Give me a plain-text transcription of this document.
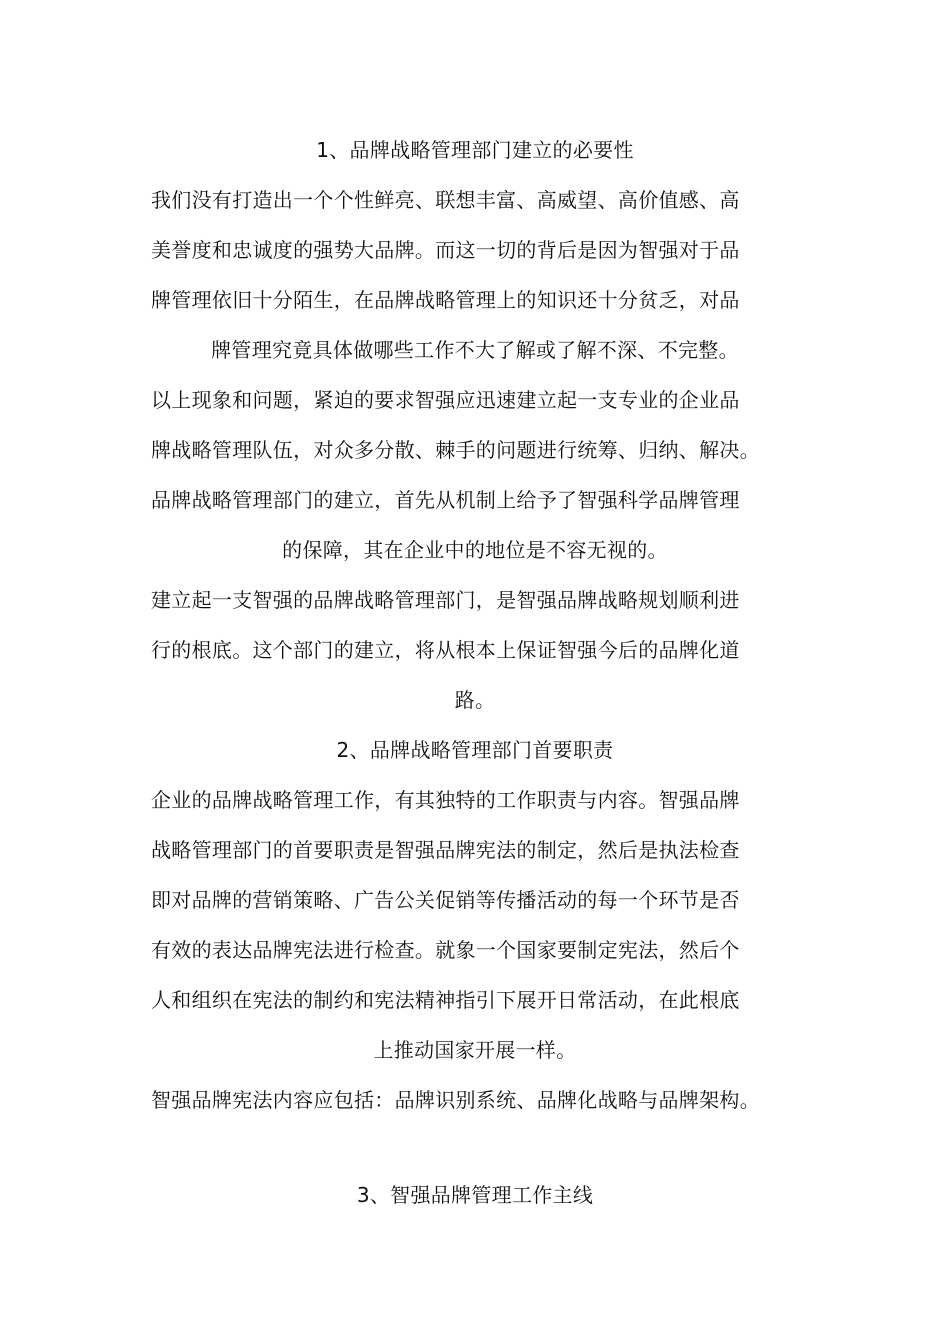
1、品牌战略管理部门建立的必要性
我们没有打造出一个个性鲜亮、联想丰富、高威望、高价值感、高
美誉度和忠诚度的强势大品牌。而这一切的背后是因为智强对于品
牌管理依旧十分陌生，在品牌战略管理上的知识还十分贫乏，对品
牌管理究竟具体做哪些工作不大了解或了解不深、不完整。
以上现象和问题，紧迫的要求智强应迅速建立起一支专业的企业品
牌战略管理队伍，对众多分散、棘手的问题进行统筹、归纳、解决。
品牌战略管理部门的建立，首先从机制上给予了智强科学品牌管理
的保障，其在企业中的地位是不容无视的。
建立起一支智强的品牌战略管理部门，是智强品牌战略规划顺利进
行的根底。这个部门的建立，将从根本上保证智强今后的品牌化道
路。
2、品牌战略管理部门首要职责
企业的品牌战略管理工作，有其独特的工作职责与内容。智强品牌
战略管理部门的首要职责是智强品牌宪法的制定，然后是执法检查
即对品牌的营销策略、广告公关促销等传播活动的每一个环节是否
有效的表达品牌宪法进行检查。就象一个国家要制定宪法，然后个
人和组织在宪法的制约和宪法精神指引下展开日常活动，在此根底
上推动国家开展一样。
智强品牌宪法内容应包括：品牌识别系统、品牌化战略与品牌架构。
3、智强品牌管理工作主线
